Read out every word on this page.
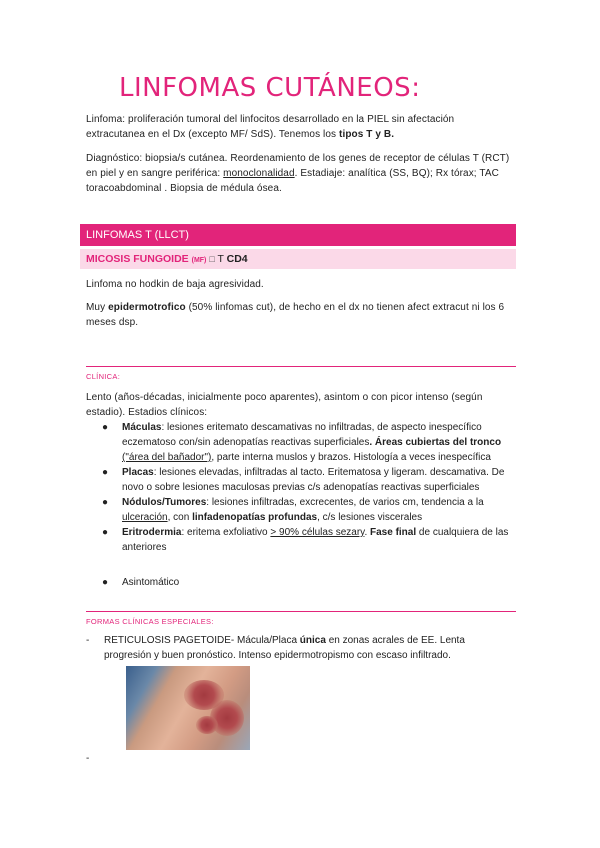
LINFOMAS CUTÁNEOS:

Linfoma: proliferación tumoral del linfocitos desarrollado en la PIEL sin afectación extracutanea en el Dx (excepto MF/ SdS). Tenemos los tipos T y B.

Diagnóstico: biopsia/s cutánea. Reordenamiento de los genes de receptor de células T (RCT) en piel y en sangre periférica: monoclonalidad. Estadiaje: analítica (SS, BQ); Rx tórax; TAC toracoabdominal . Biopsia de médula ósea.

LINFOMAS T (LLCT)
MICOSIS FUNGOIDE (MF) □ T CD4

Linfoma no hodkin de baja agresividad.

Muy epidermotrofico (50% linfomas cut), de hecho en el dx no tienen afect extracut ni los 6 meses dsp.

CLÍNICA:

Lento (años-décadas, inicialmente poco aparentes), asintom o con picor intenso (según estadio). Estadios clínicos:

● Máculas: lesiones eritemato descamativas no infiltradas, de aspecto inespecífico eczematoso con/sin adenopatías reactivas superficiales. Áreas cubiertas del tronco ("área del bañador"), parte interna muslos y brazos. Histología a veces inespecífica
● Placas: lesiones elevadas, infiltradas al tacto. Eritematosa y ligeram. descamativa. De novo o sobre lesiones maculosas previas c/s adenopatías reactivas superficiales
● Nódulos/Tumores: lesiones infiltradas, excrecentes, de varios cm, tendencia a la ulceración, con linfadenopatías profundas, c/s lesiones viscerales
● Eritrodermia: eritema exfoliativo > 90% células sezary. Fase final de cualquiera de las anteriores
● Asintomático
FORMAS CLÍNICAS ESPECIALES:
- RETICULOSIS PAGETOIDE- Mácula/Placa única en zonas acrales de EE. Lenta progresión y buen pronóstico. Intenso epidermotropismo con escaso infiltrado.
-
